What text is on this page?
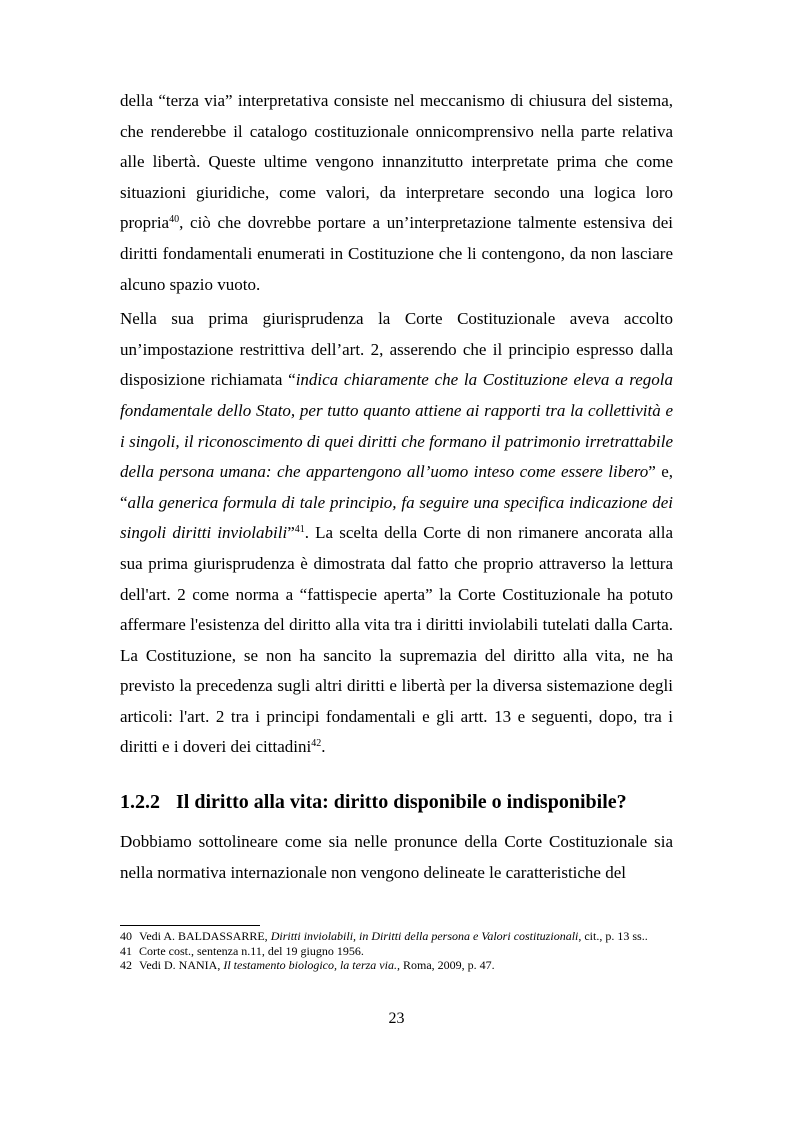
della “terza via” interpretativa consiste nel meccanismo di chiusura del sistema, che renderebbe il catalogo costituzionale onnicomprensivo nella parte relativa alle libertà. Queste ultime vengono innanzitutto interpretate prima che come situazioni giuridiche, come valori, da interpretare secondo una logica loro propria$^{40}$, ciò che dovrebbe portare a un’interpretazione talmente estensiva dei diritti fondamentali enumerati in Costituzione che li contengono, da non lasciare alcuno spazio vuoto.

Nella sua prima giurisprudenza la Corte Costituzionale aveva accolto un’impostazione restrittiva dell’art. 2, asserendo che il principio espresso dalla disposizione richiamata “indica chiaramente che la Costituzione eleva a regola fondamentale dello Stato, per tutto quanto attiene ai rapporti tra la collettività e i singoli, il riconoscimento di quei diritti che formano il patrimonio irretrattabile della persona umana: che appartengono all’uomo inteso come essere libero” e, “alla generica formula di tale principio, fa seguire una specifica indicazione dei singoli diritti inviolabili”$^{41}$. La scelta della Corte di non rimanere ancorata alla sua prima giurisprudenza è dimostrata dal fatto che proprio attraverso la lettura dell'art. 2 come norma a “fattispecie aperta” la Corte Costituzionale ha potuto affermare l'esistenza del diritto alla vita tra i diritti inviolabili tutelati dalla Carta. La Costituzione, se non ha sancito la supremazia del diritto alla vita, ne ha previsto la precedenza sugli altri diritti e libertà per la diversa sistemazione degli articoli: l'art. 2 tra i principi fondamentali e gli artt. 13 e seguenti, dopo, tra i diritti e i doveri dei cittadini$^{42}$.

1.2.2 Il diritto alla vita: diritto disponibile o indisponibile?

Dobbiamo sottolineare come sia nelle pronunce della Corte Costituzionale sia nella normativa internazionale non vengono delineate le caratteristiche del

40 Vedi A. BALDASSARRE, Diritti inviolabili, in Diritti della persona e Valori costituzionali, cit., p. 13 ss..

41 Corte cost., sentenza n.11, del 19 giugno 1956.

42 Vedi D. NANIA, Il testamento biologico, la terza via., Roma, 2009, p. 47.

23
